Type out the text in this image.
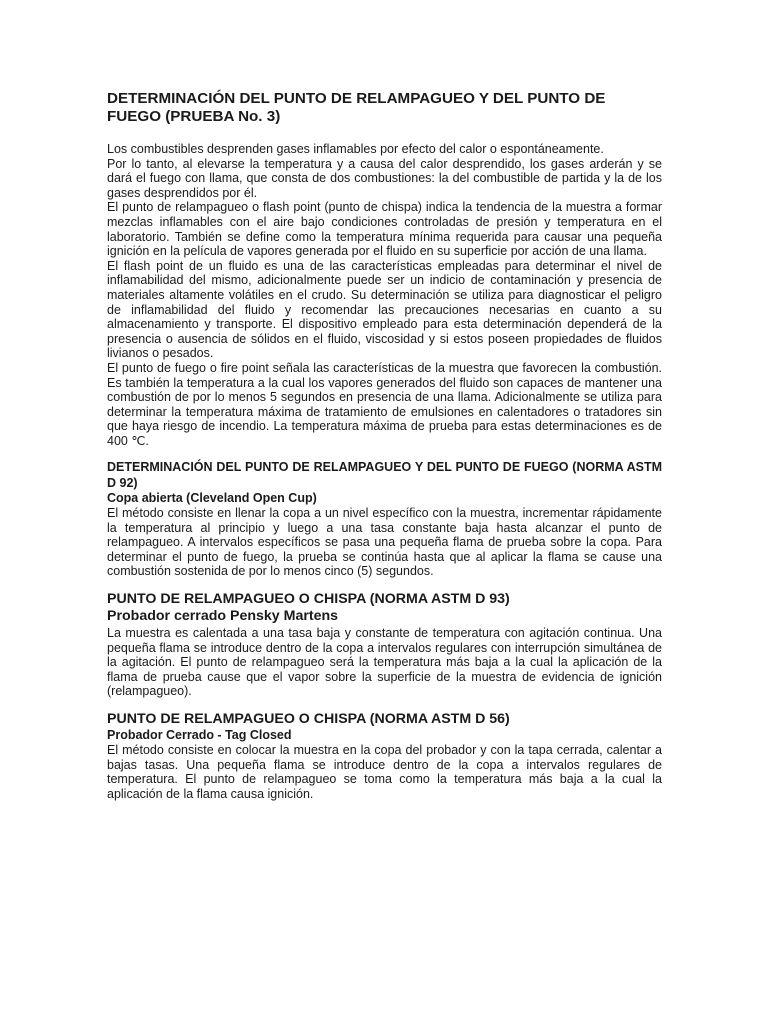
DETERMINACIÓN DEL PUNTO DE RELAMPAGUEO Y DEL PUNTO DE FUEGO (PRUEBA No. 3)

Los combustibles desprenden gases inflamables por efecto del calor o espontáneamente.

Por lo tanto, al elevarse la temperatura y a causa del calor desprendido, los gases arderán y se dará el fuego con llama, que consta de dos combustiones: la del combustible de partida y la de los gases desprendidos por él.

El punto de relampagueo o flash point (punto de chispa) indica la tendencia de la muestra a formar mezclas inflamables con el aire bajo condiciones controladas de presión y temperatura en el laboratorio. También se define como la temperatura mínima requerida para causar una pequeña ignición en la película de vapores generada por el fluido en su superficie por acción de una llama.

El flash point de un fluido es una de las características empleadas para determinar el nivel de inflamabilidad del mismo, adicionalmente puede ser un indicio de contaminación y presencia de materiales altamente volátiles en el crudo. Su determinación se utiliza para diagnosticar el peligro de inflamabilidad del fluido y recomendar las precauciones necesarias en cuanto a su almacenamiento y transporte. El dispositivo empleado para esta determinación dependerá de la presencia o ausencia de sólidos en el fluido, viscosidad y si estos poseen propiedades de fluidos livianos o pesados.

El punto de fuego o fire point señala las características de la muestra que favorecen la combustión. Es también la temperatura a la cual los vapores generados del fluido son capaces de mantener una combustión de por lo menos 5 segundos en presencia de una llama. Adicionalmente se utiliza para determinar la temperatura máxima de tratamiento de emulsiones en calentadores o tratadores sin que haya riesgo de incendio. La temperatura máxima de prueba para estas determinaciones es de 400 ℃.

DETERMINACIÓN DEL PUNTO DE RELAMPAGUEO Y DEL PUNTO DE FUEGO (NORMA ASTM D 92)
Copa abierta (Cleveland Open Cup)

El método consiste en llenar la copa a un nivel específico con la muestra, incrementar rápidamente la temperatura al principio y luego a una tasa constante baja hasta alcanzar el punto de relampagueo. A intervalos específicos se pasa una pequeña flama de prueba sobre la copa. Para determinar el punto de fuego, la prueba se continúa hasta que al aplicar la flama se cause una combustión sostenida de por lo menos cinco (5) segundos.

PUNTO DE RELAMPAGUEO O CHISPA (NORMA ASTM D 93)
Probador cerrado Pensky Martens

La muestra es calentada a una tasa baja y constante de temperatura con agitación continua. Una pequeña flama se introduce dentro de la copa a intervalos regulares con interrupción simultánea de la agitación. El punto de relampagueo será la temperatura más baja a la cual la aplicación de la flama de prueba cause que el vapor sobre la superficie de la muestra de evidencia de ignición (relampagueo).

PUNTO DE RELAMPAGUEO O CHISPA (NORMA ASTM D 56)
Probador Cerrado - Tag Closed

El método consiste en colocar la muestra en la copa del probador y con la tapa cerrada, calentar a bajas tasas. Una pequeña flama se introduce dentro de la copa a intervalos regulares de temperatura. El punto de relampagueo se toma como la temperatura más baja a la cual la aplicación de la flama causa ignición.
